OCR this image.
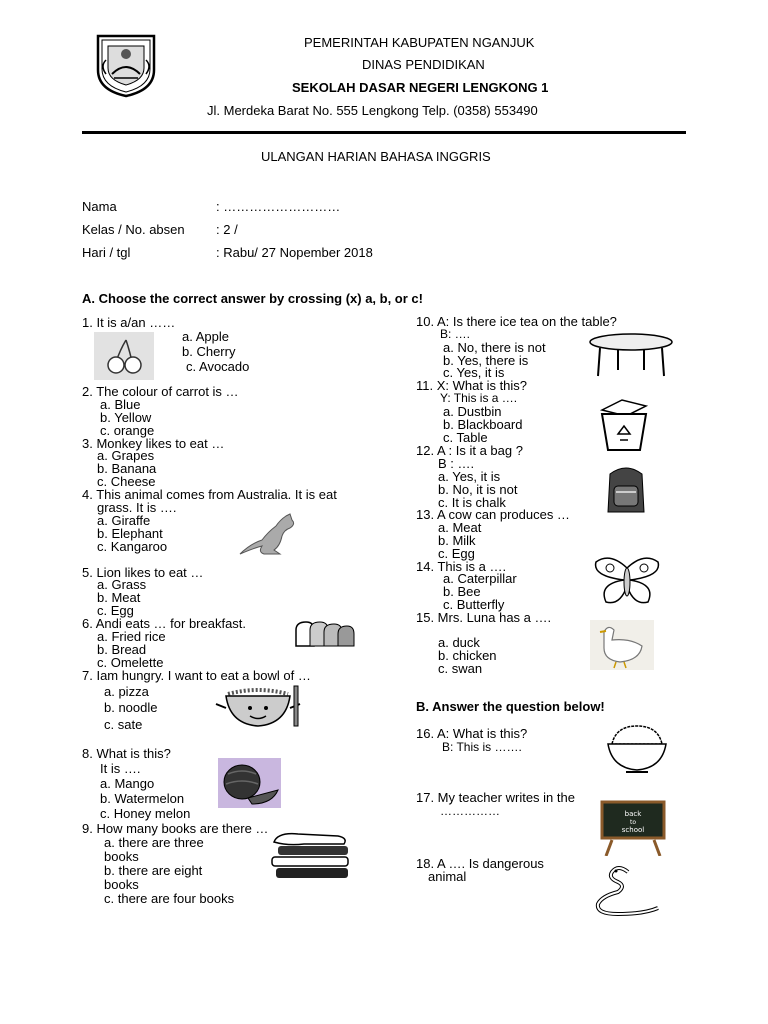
PEMERINTAH KABUPATEN NGANJUK
DINAS PENDIDIKAN
SEKOLAH DASAR NEGERI LENGKONG 1
Jl. Merdeka Barat No. 555 Lengkong Telp. (0358) 553490
ULANGAN HARIAN BAHASA INGGRIS
Nama	: ………………………
Kelas / No. absen : 2 /
Hari / tgl	: Rabu/ 27 Nopember 2018
A. Choose the correct answer by crossing (x) a, b, or c!
1. It is a/an ……
a. Apple
b. Cherry
c. Avocado
2. The colour of carrot is …
a. Blue
b. Yellow
c. orange
3. Monkey likes to eat …
a. Grapes
b. Banana
c. Cheese
4. This animal comes from Australia. It is eat
grass. It is ….
a. Giraffe
b. Elephant
c. Kangaroo
5. Lion likes to eat …
a. Grass
b. Meat
c. Egg
6. Andi eats … for breakfast.
a. Fried rice
b. Bread
c. Omelette
7. Iam hungry. I want to eat a bowl of …
a. pizza
b. noodle
c. sate
8. What is this?
It is ….
a. Mango
b. Watermelon
c. Honey melon
9. How many books are there …
a. there are three
books
b. there are eight
books
c. there are four books
10. A: Is there ice tea on the table?
B: ….
a. No, there is not
b. Yes, there is
c. Yes, it is
11. X: What is this?
Y: This is a ….
a. Dustbin
b. Blackboard
c. Table
12. A : Is it a bag ?
B : ….
a. Yes, it is
b. No, it is not
c. It is chalk
13. A cow can produces …
a. Meat
b. Milk
c. Egg
14. This is a ….
a. Caterpillar
b. Bee
c. Butterfly
15. Mrs. Luna has a ….
a. duck
b. chicken
c. swan
B. Answer the question below!
16. A: What is this?
B: This is …….
17. My teacher writes in the
……………	back
to
school
18. A …. Is dangerous
animal
